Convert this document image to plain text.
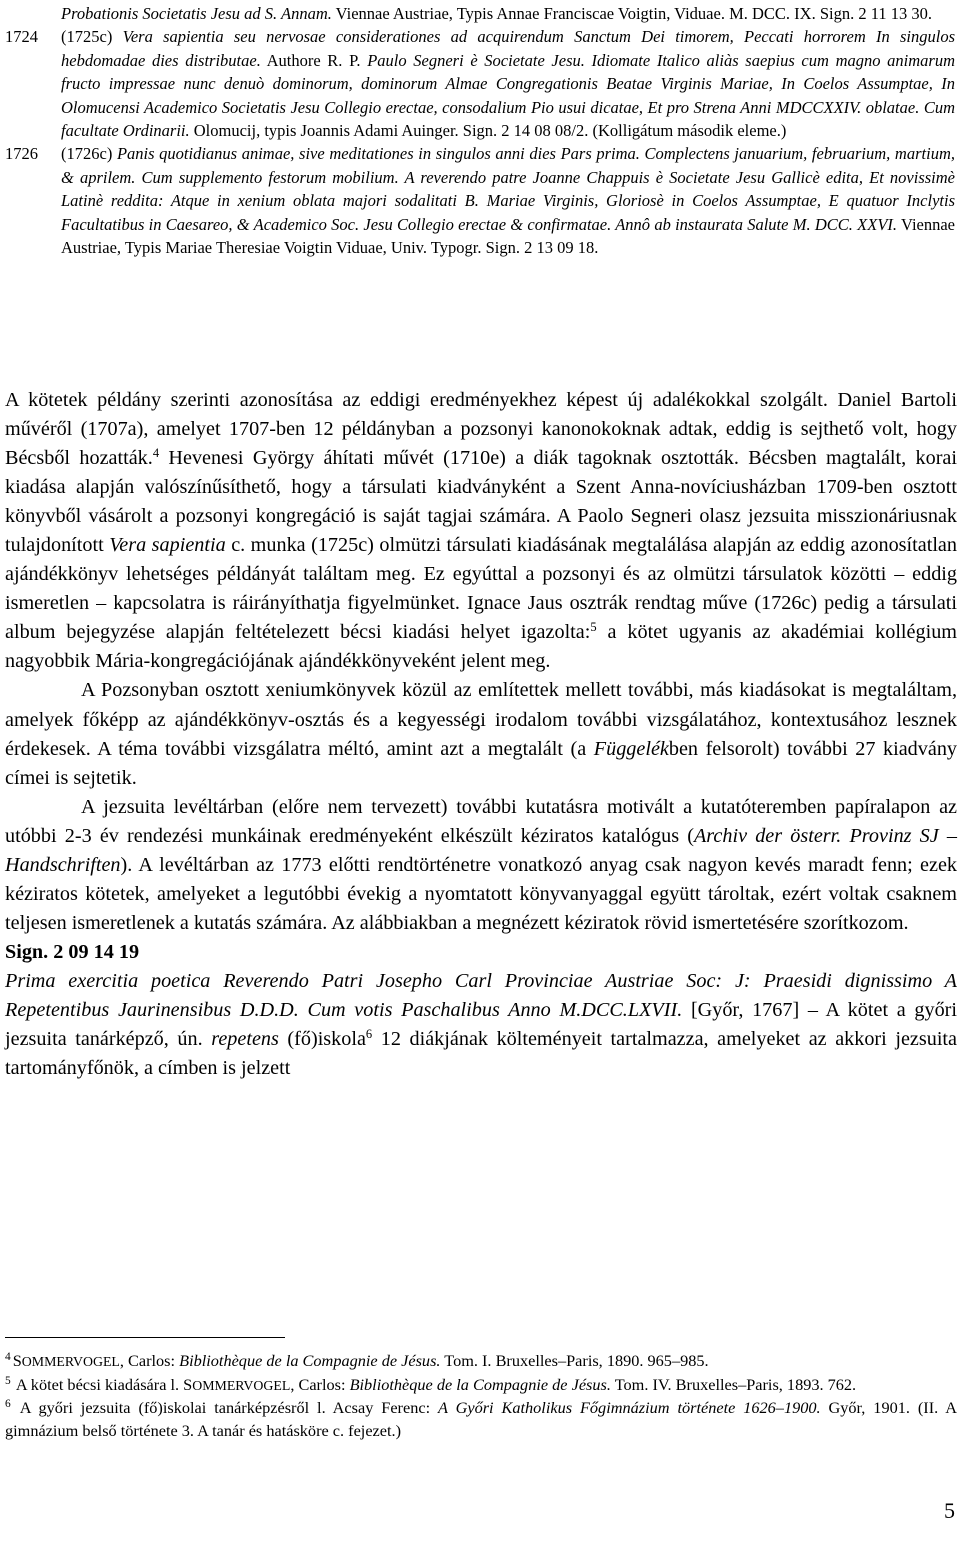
Probationis Societatis Jesu ad S. Annam. Viennae Austriae, Typis Annae Franciscae Voigtin, Viduae. M. DCC. IX. Sign. 2 11 13 30.

1724 (1725c) Vera sapientia seu nervosae considerationes ad acquirendum Sanctum Dei timorem, Peccati horrorem In singulos hebdomadae dies distributae. Authore R. P. Paulo Segneri è Societate Jesu. Idiomate Italico aliàs saepius cum magno animarum fructo impressae nunc denuò dominorum, dominorum Almae Congregationis Beatae Virginis Mariae, In Coelos Assumptae, In Olomucensi Academico Societatis Jesu Collegio erectae, consodalium Pio usui dicatae, Et pro Strena Anni MDCCXXIV. oblatae. Cum facultate Ordinarii. Olomucij, typis Joannis Adami Auinger. Sign. 2 14 08 08/2. (Kolligátum második eleme.)

1726 (1726c) Panis quotidianus animae, sive meditationes in singulos anni dies Pars prima. Complectens januarium, februarium, martium, & aprilem. Cum supplemento festorum mobilium. A reverendo patre Joanne Chappuis è Societate Jesu Gallicè edita, Et novissimè Latinè reddita: Atque in xenium oblata majori sodalitati B. Mariae Virginis, Gloriosè in Coelos Assumptae, E quatuor Inclytis Facultatibus in Caesareo, & Academico Soc. Jesu Collegio erectae & confirmatae. Annô ab instaurata Salute M. DCC. XXVI. Viennae Austriae, Typis Mariae Theresiae Voigtin Viduae, Univ. Typogr. Sign. 2 13 09 18.

A kötetek példány szerinti azonosítása az eddigi eredményekhez képest új adalékokkal szolgált. Daniel Bartoli művéről (1707a), amelyet 1707-ben 12 példányban a pozsonyi kanonokoknak adtak, eddig is sejthető volt, hogy Bécsből hozatták.$^4$ Hevenesi György áhítati művét (1710e) a diák tagoknak osztották. Bécsben magtalált, korai kiadása alapján valószínűsíthető, hogy a társulati kiadványként a Szent Anna-novíciusházban 1709-ben osztott könyvből vásárolt a pozsonyi kongregáció is saját tagjai számára. A Paolo Segneri olasz jezsuita misszionáriusnak tulajdonított Vera sapientia c. munka (1725c) olmützi társulati kiadásának megtalálása alapján az eddig azonosítatlan ajándékkönyv lehetséges példányát találtam meg. Ez egyúttal a pozsonyi és az olmützi társulatok közötti – eddig ismeretlen – kapcsolatra is ráirányíthatja figyelmünket. Ignace Jaus osztrák rendtag műve (1726c) pedig a társulati album bejegyzése alapján feltételezett bécsi kiadási helyet igazolta:$^5$ a kötet ugyanis az akadémiai kollégium nagyobbik Mária-kongregációjának ajándékkönyveként jelent meg.

A Pozsonyban osztott xeniumkönyvek közül az említettek mellett további, más kiadásokat is megtaláltam, amelyek főképp az ajándékkönyv-osztás és a kegyességi irodalom további vizsgálatához, kontextusához lesznek érdekesek. A téma további vizsgálatra méltó, amint azt a megtalált (a Függelékben felsorolt) további 27 kiadvány címei is sejtetik.

A jezsuita levéltárban (előre nem tervezett) további kutatásra motivált a kutatóteremben papíralapon az utóbbi 2-3 év rendezési munkáinak eredményeként elkészült kéziratos katalógus (Archiv der österr. Provinz SJ – Handschriften). A levéltárban az 1773 előtti rendtörténetre vonatkozó anyag csak nagyon kevés maradt fenn; ezek kéziratos kötetek, amelyeket a legutóbbi évekig a nyomtatott könyvanyaggal együtt tároltak, ezért voltak csaknem teljesen ismeretlenek a kutatás számára. Az alábbiakban a megnézett kéziratok rövid ismertetésére szorítkozom.

Sign. 2 09 14 19

Prima exercitia poetica Reverendo Patri Josepho Carl Provinciae Austriae Soc: J: Praesidi dignissimo A Repetentibus Jaurinensibus D.D.D. Cum votis Paschalibus Anno M.DCC.LXVII. [Győr, 1767] – A kötet a győri jezsuita tanárképző, ún. repetens (fő)iskola$^6$ 12 diákjának költeményeit tartalmazza, amelyeket az akkori jezsuita tartományfőnök, a címben is jelzett

$^4$ SOMMERVOGEL, Carlos: Bibliothèque de la Compagnie de Jésus. Tom. I. Bruxelles–Paris, 1890. 965–985.

$^5$ A kötet bécsi kiadására l. SOMMERVOGEL, Carlos: Bibliothèque de la Compagnie de Jésus. Tom. IV. Bruxelles–Paris, 1893. 762.

$^6$ A győri jezsuita (fő)iskolai tanárképzésről l. Acsay Ferenc: A Győri Katholikus Főgimnázium története 1626–1900. Győr, 1901. (II. A gimnázium belső története 3. A tanár és hatásköre c. fejezet.)

5
